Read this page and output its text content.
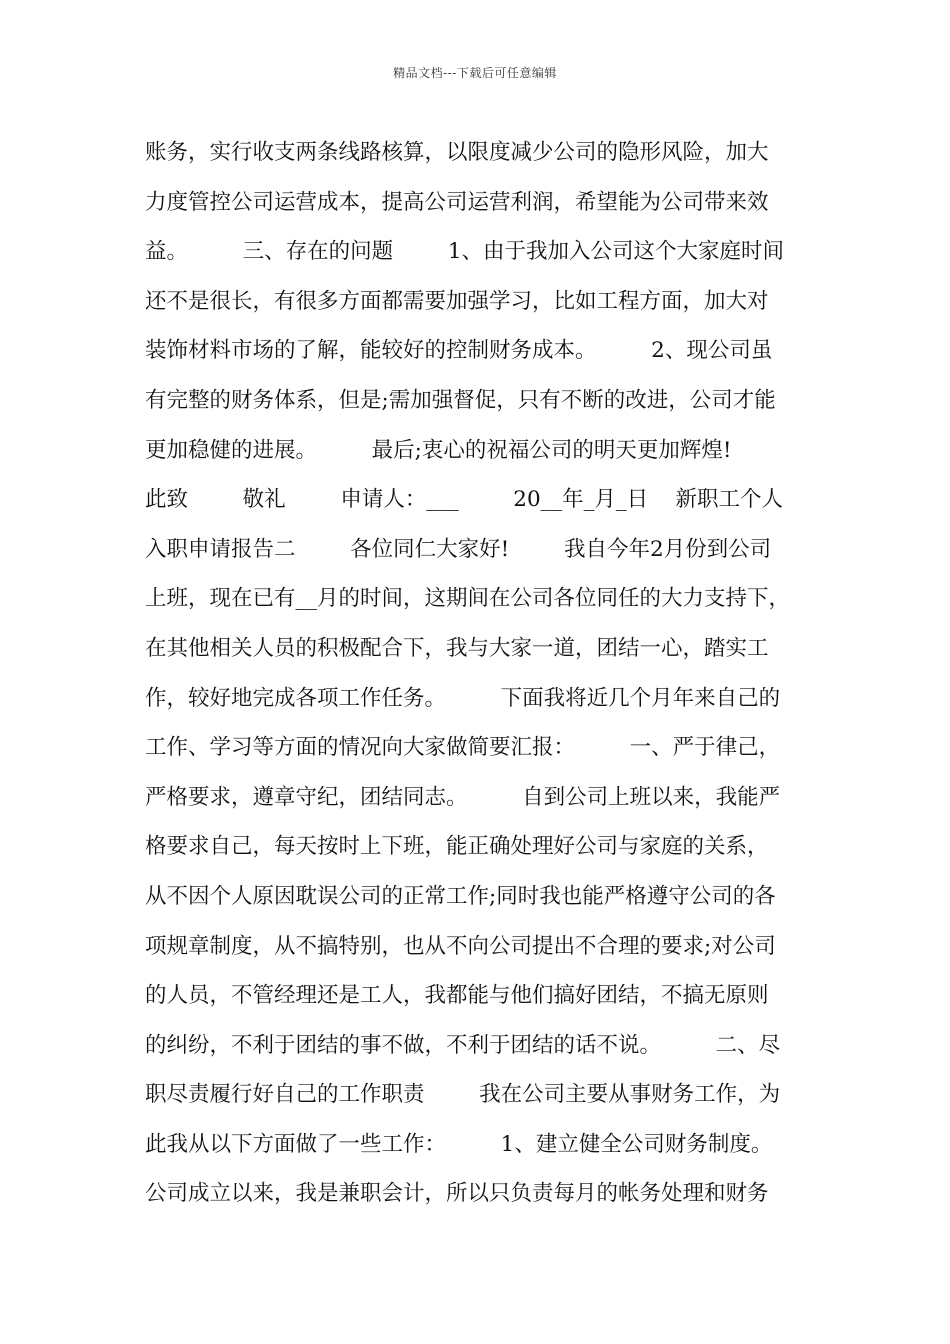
精品文档---下载后可任意编辑
账务，实行收支两条线路核算，以限度减少公司的隐形风险，加大
力度管控公司运营成本，提高公司运营利润，希望能为公司带来效
益。        三、存在的问题        1、由于我加入公司这个大家庭时间
还不是很长，有很多方面都需要加强学习，比如工程方面，加大对
装饰材料市场的了解，能较好的控制财务成本。        2、现公司虽
有完整的财务体系，但是;需加强督促，只有不断的改进，公司才能
更加稳健的进展。        最后;衷心的祝福公司的明天更加辉煌!
此致        敬礼        申请人：___        20__年_月_日    新职工个人
入职申请报告二        各位同仁大家好!        我自今年2月份到公司
上班，现在已有__月的时间，这期间在公司各位同任的大力支持下，
在其他相关人员的积极配合下，我与大家一道，团结一心，踏实工
作，较好地完成各项工作任务。        下面我将近几个月年来自己的
工作、学习等方面的情况向大家做简要汇报：        一、严于律己，
严格要求，遵章守纪，团结同志。        自到公司上班以来，我能严
格要求自己，每天按时上下班，能正确处理好公司与家庭的关系，
从不因个人原因耽误公司的正常工作;同时我也能严格遵守公司的各
项规章制度，从不搞特别，也从不向公司提出不合理的要求;对公司
的人员，不管经理还是工人，我都能与他们搞好团结，不搞无原则
的纠纷，不利于团结的事不做，不利于团结的话不说。        二、尽
职尽责履行好自己的工作职责        我在公司主要从事财务工作，为
此我从以下方面做了一些工作：        1、建立健全公司财务制度。
公司成立以来，我是兼职会计，所以只负责每月的帐务处理和财务
